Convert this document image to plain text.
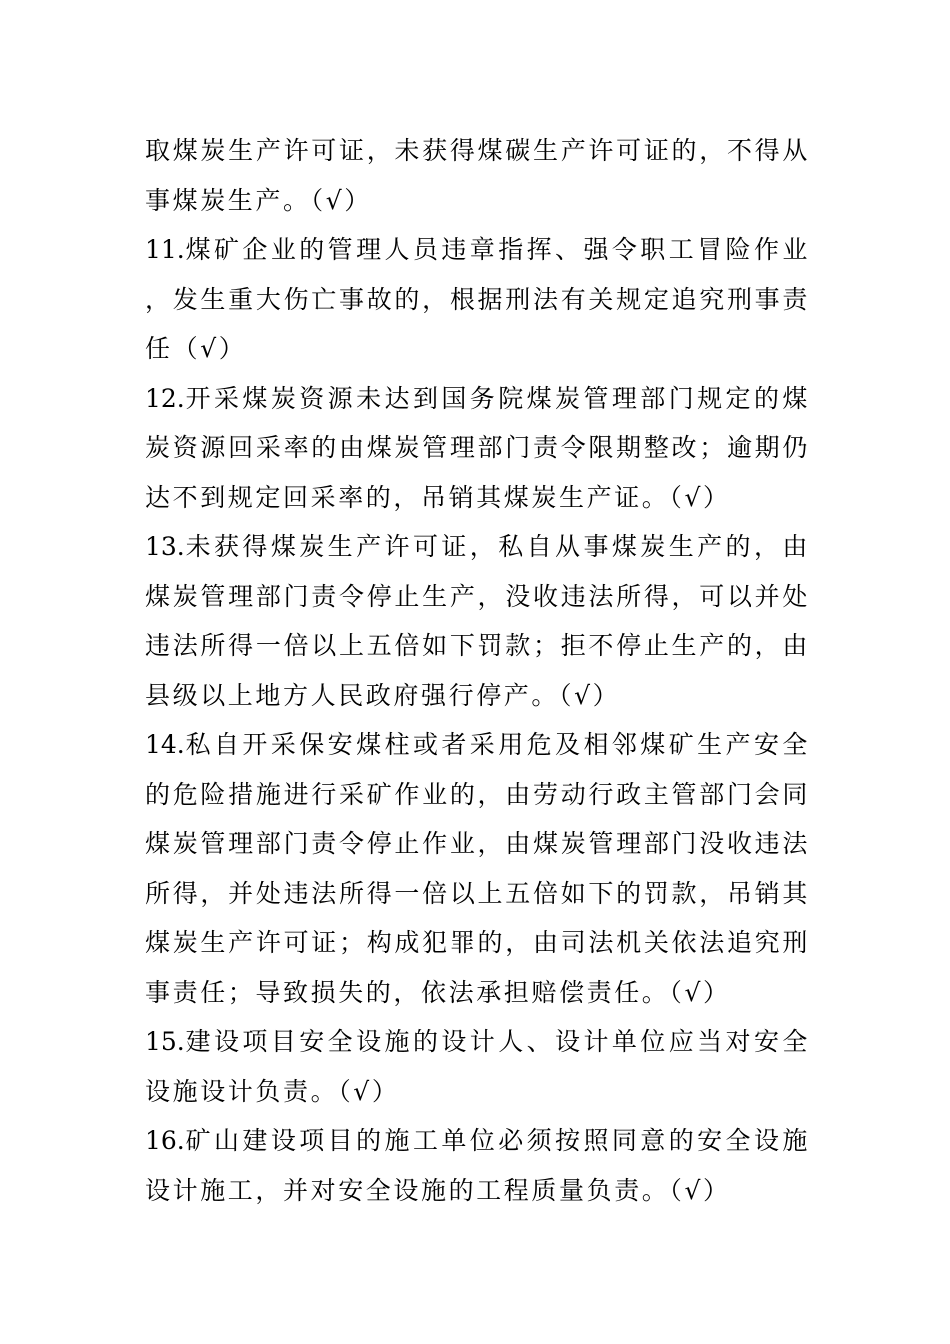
取煤炭生产许可证，未获得煤碳生产许可证的，不得从事煤炭生产。（√）

11.煤矿企业的管理人员违章指挥、强令职工冒险作业，发生重大伤亡事故的，根据刑法有关规定追究刑事责任（√）

12.开采煤炭资源未达到国务院煤炭管理部门规定的煤炭资源回采率的由煤炭管理部门责令限期整改；逾期仍达不到规定回采率的，吊销其煤炭生产证。（√）

13.未获得煤炭生产许可证，私自从事煤炭生产的，由煤炭管理部门责令停止生产，没收违法所得，可以并处违法所得一倍以上五倍如下罚款；拒不停止生产的，由县级以上地方人民政府强行停产。（√）

14.私自开采保安煤柱或者采用危及相邻煤矿生产安全的危险措施进行采矿作业的，由劳动行政主管部门会同煤炭管理部门责令停止作业，由煤炭管理部门没收违法所得，并处违法所得一倍以上五倍如下的罚款，吊销其煤炭生产许可证；构成犯罪的，由司法机关依法追究刑事责任；导致损失的，依法承担赔偿责任。（√）

15.建设项目安全设施的设计人、设计单位应当对安全设施设计负责。（√）

16.矿山建设项目的施工单位必须按照同意的安全设施设计施工，并对安全设施的工程质量负责。（√）
